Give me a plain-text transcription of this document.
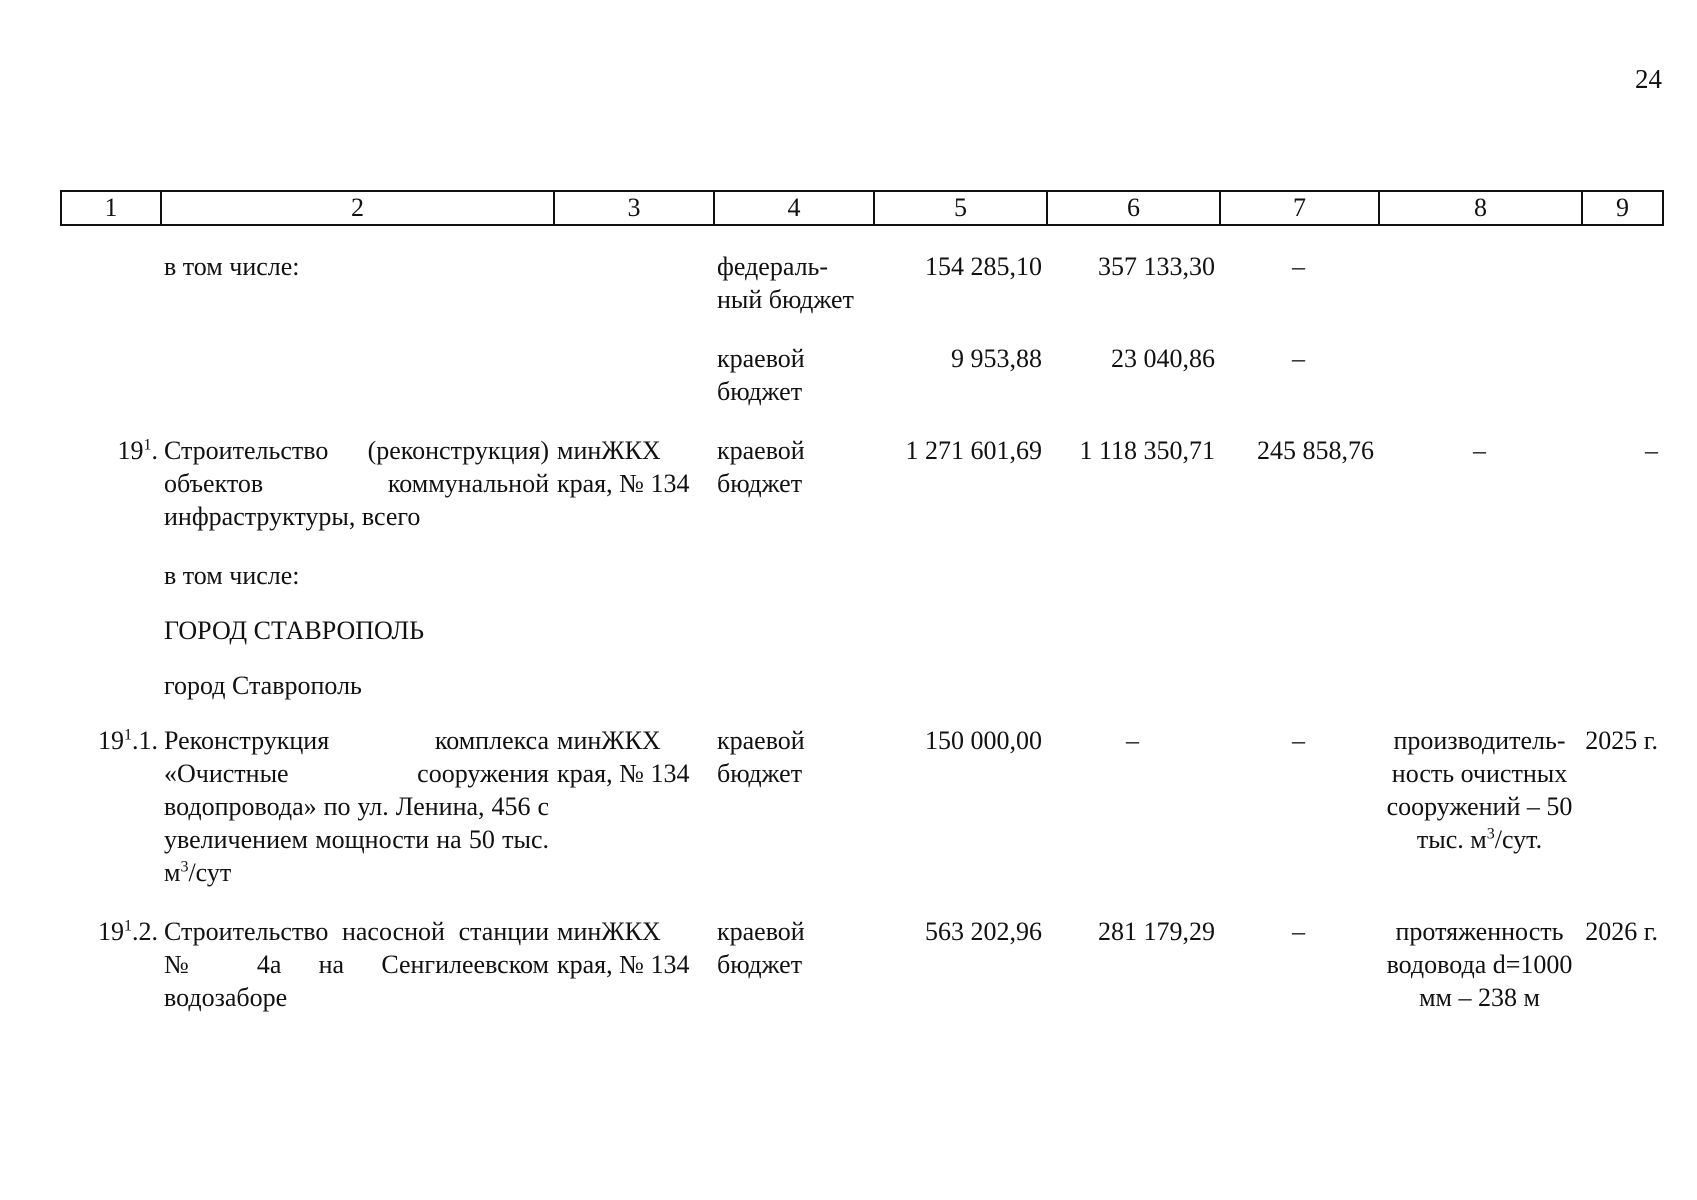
24
1	2	3	4	5	6	7	8	9
	в том числе:		федераль-ный бюджет	154 285,10	357 133,30	–		

			краевой бюджет	9 953,88	23 040,86	–		

$19^1$.	Строительство (реконструкция) объектов коммунальной инфраструктуры, всего	минЖКХ края, № 134	краевой бюджет	1 271 601,69	1 118 350,71	245 858,76	–	–

	в том числе:							

	ГОРОД СТАВРОПОЛЬ							

	город Ставрополь							

$19^1.1$.	Реконструкция комплекса «Очистные сооружения водопровода» по ул. Ленина, 456 с увеличением мощности на 50 тыс. $м^3$/сут	минЖКХ края, № 134	краевой бюджет	150 000,00	–	–	производитель-ность очистных сооружений – 50 тыс. $м^3$/сут.	2025 г.

$19^1.2$.	Строительство насосной станции № 4а на Сенгилеевском водозаборе	минЖКХ края, № 134	краевой бюджет	563 202,96	281 179,29	–	протяженность водовода d=1000 мм – 238 м	2026 г.
